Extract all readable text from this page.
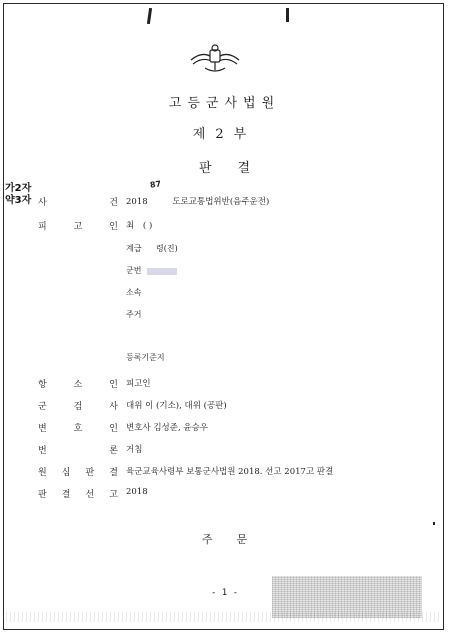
고등군사법원
제2부
판결
가2자
약3자
87
사	건 2018	도로교통법위반(음주운전)
피	고	인 최 ( )
계급 령(진)
군번
소속
주거
등록기준지
항	소	인 피고인
군	검	사 대위 이 (기소), 대위 (공판)
변	호	인 변호사 김성준, 윤승우
번	론 거침
원 심 판 결 육군교육사령부 보통군사법원 2018. 선고 2017고 판결
판 결 선 고 2018
주문
- 1 -
